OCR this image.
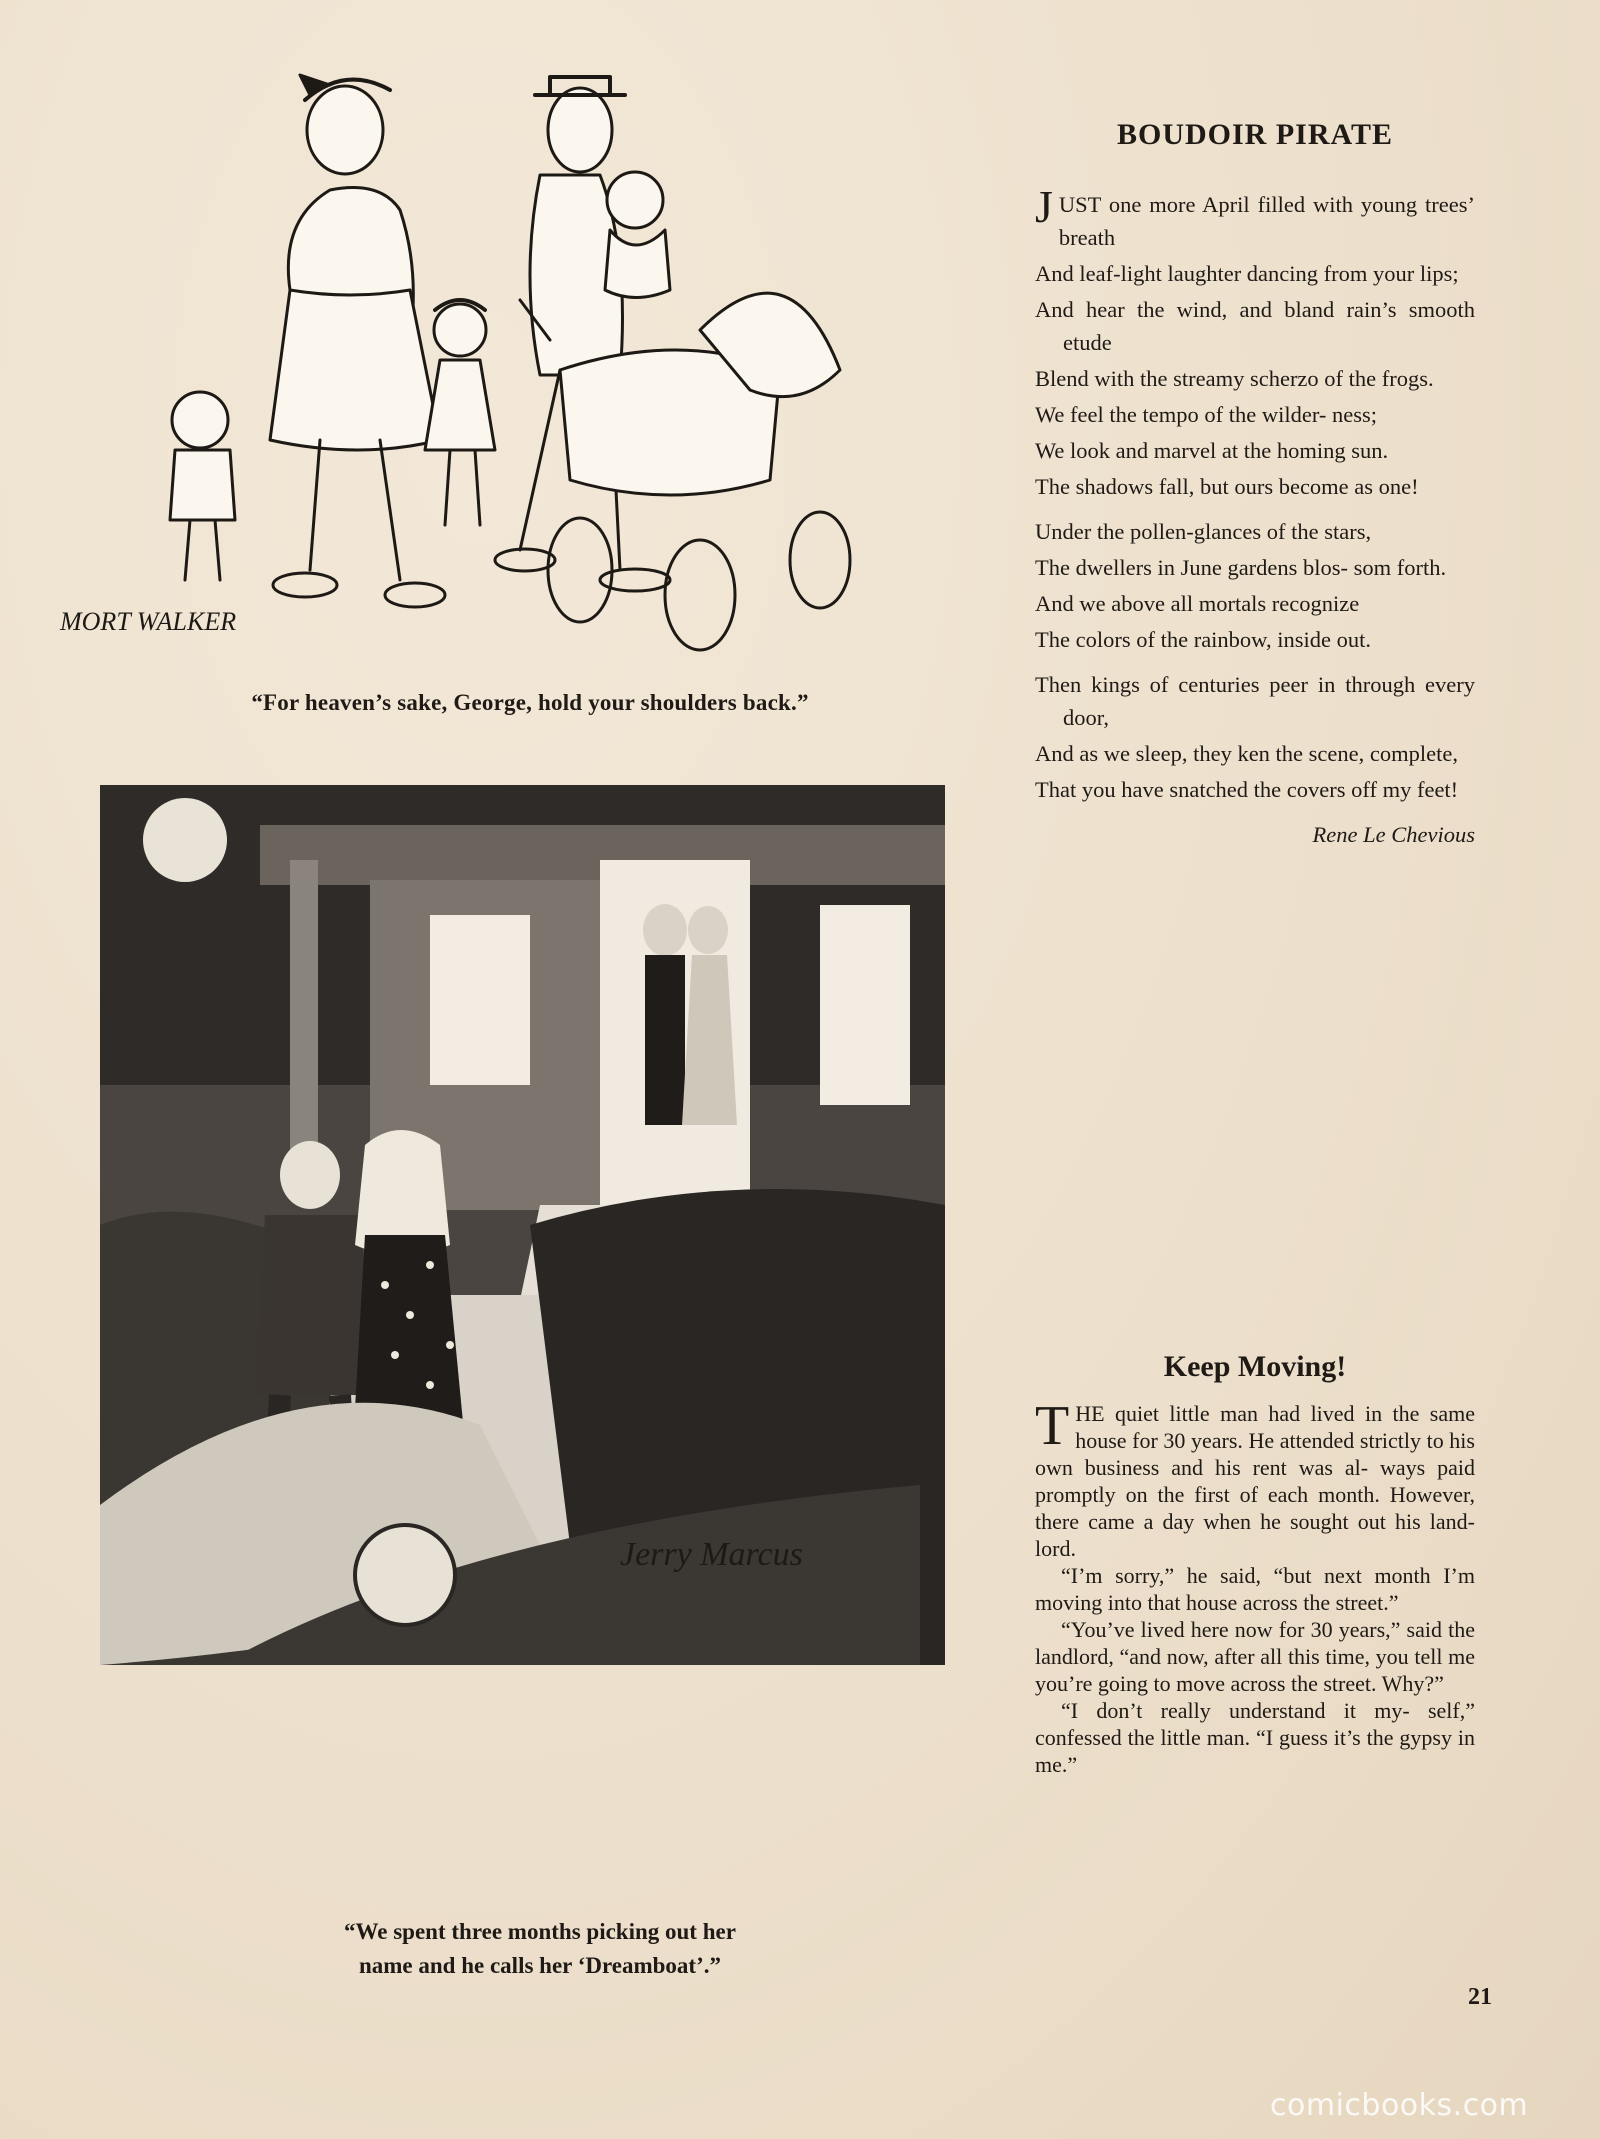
MORT WALKER
“For heaven’s sake, George, hold your shoulders back.”
Jerry Marcus
“We spent three months picking out her
name and he calls her ‘Dreamboat’.”
BOUDOIR PIRATE
JUST one more April filled with young trees’ breath
And leaf-light laughter dancing from your lips;
And hear the wind, and bland rain’s smooth etude
Blend with the streamy scherzo of the frogs.
We feel the tempo of the wilder- ness;
We look and marvel at the homing sun.
The shadows fall, but ours become as one!
Under the pollen-glances of the stars,
The dwellers in June gardens blos- som forth.
And we above all mortals recognize
The colors of the rainbow, inside out.
Then kings of centuries peer in through every door,
And as we sleep, they ken the scene, complete,
That you have snatched the covers off my feet!
Rene Le Chevious
Keep Moving!

THE quiet little man had lived in the same house for 30 years. He attended strictly to his own business and his rent was al- ways paid promptly on the first of each month. However, there came a day when he sought out his land- lord.

“I’m sorry,” he said, “but next month I’m moving into that house across the street.”

“You’ve lived here now for 30 years,” said the landlord, “and now, after all this time, you tell me you’re going to move across the street. Why?”

“I don’t really understand it my- self,” confessed the little man. “I guess it’s the gypsy in me.”

21
comicbooks.com
